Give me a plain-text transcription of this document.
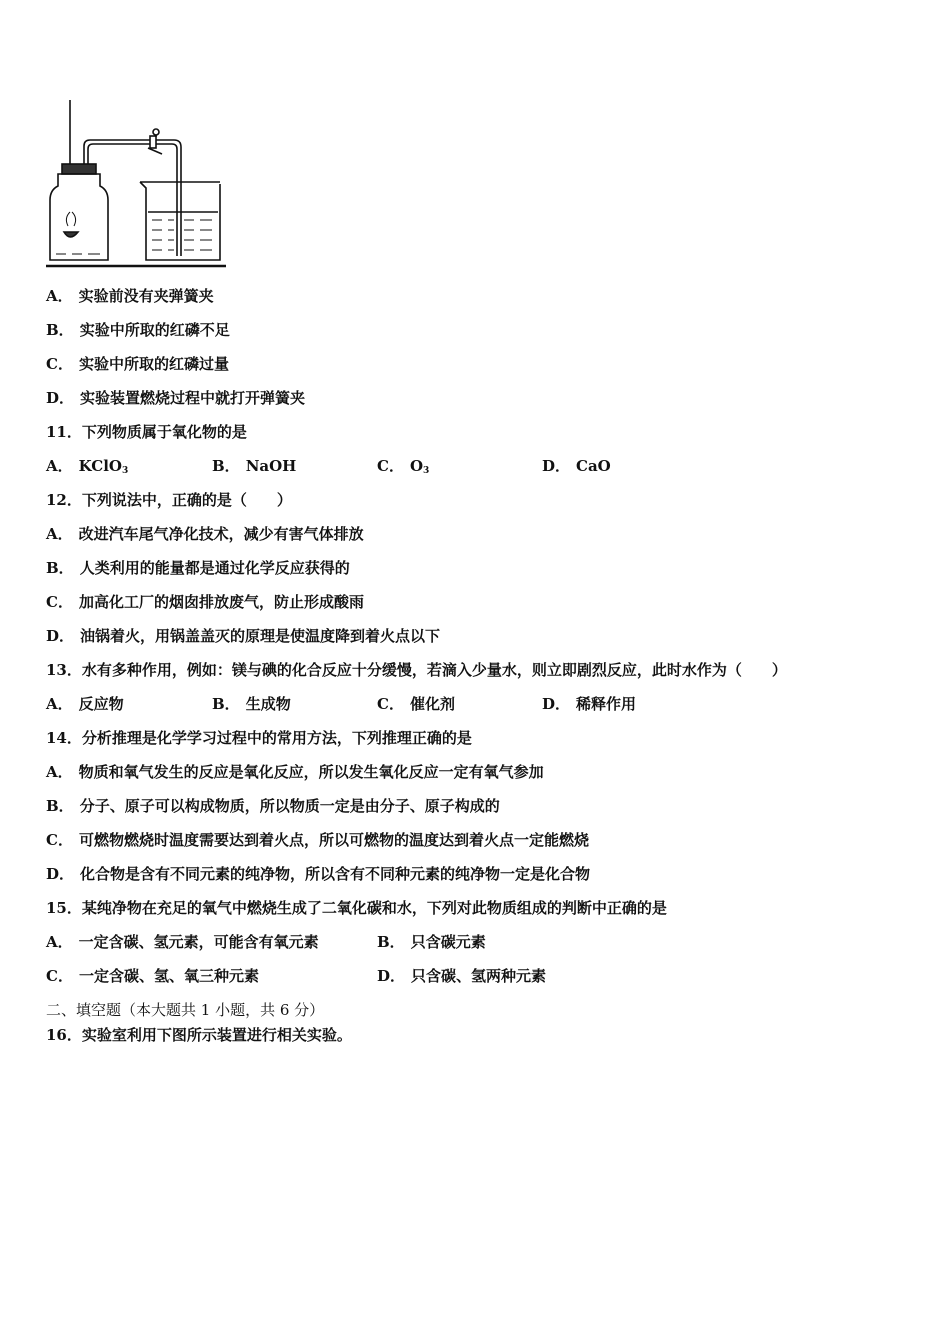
A． 实验前没有夹弹簧夹
B． 实验中所取的红磷不足
C． 实验中所取的红磷过量
D． 实验装置燃烧过程中就打开弹簧夹
11．下列物质属于氧化物的是
A． KClO$_3$	B． NaOH	C． $O_3$	D． CaO
12．下列说法中，正确的是（　　）
A． 改进汽车尾气净化技术，减少有害气体排放
B． 人类利用的能量都是通过化学反应获得的
C． 加高化工厂的烟囱排放废气，防止形成酸雨
D． 油锅着火，用锅盖盖灭的原理是使温度降到着火点以下
13．水有多种作用，例如：镁与碘的化合反应十分缓慢，若滴入少量水，则立即剧烈反应，此时水作为（　　）
A． 反应物	B． 生成物	C． 催化剂	D． 稀释作用
14．分析推理是化学学习过程中的常用方法，下列推理正确的是
A． 物质和氧气发生的反应是氧化反应，所以发生氧化反应一定有氧气参加
B． 分子、原子可以构成物质，所以物质一定是由分子、原子构成的
C． 可燃物燃烧时温度需要达到着火点，所以可燃物的温度达到着火点一定能燃烧
D． 化合物是含有不同元素的纯净物，所以含有不同种元素的纯净物一定是化合物
15．某纯净物在充足的氧气中燃烧生成了二氧化碳和水，下列对此物质组成的判断中正确的是
A． 一定含碳、氢元素，可能含有氧元素	B． 只含碳元素
C． 一定含碳、氢、氧三种元素	D． 只含碳、氢两种元素
二、填空题（本大题共 1 小题，共 6 分）
16．实验室利用下图所示装置进行相关实验。
